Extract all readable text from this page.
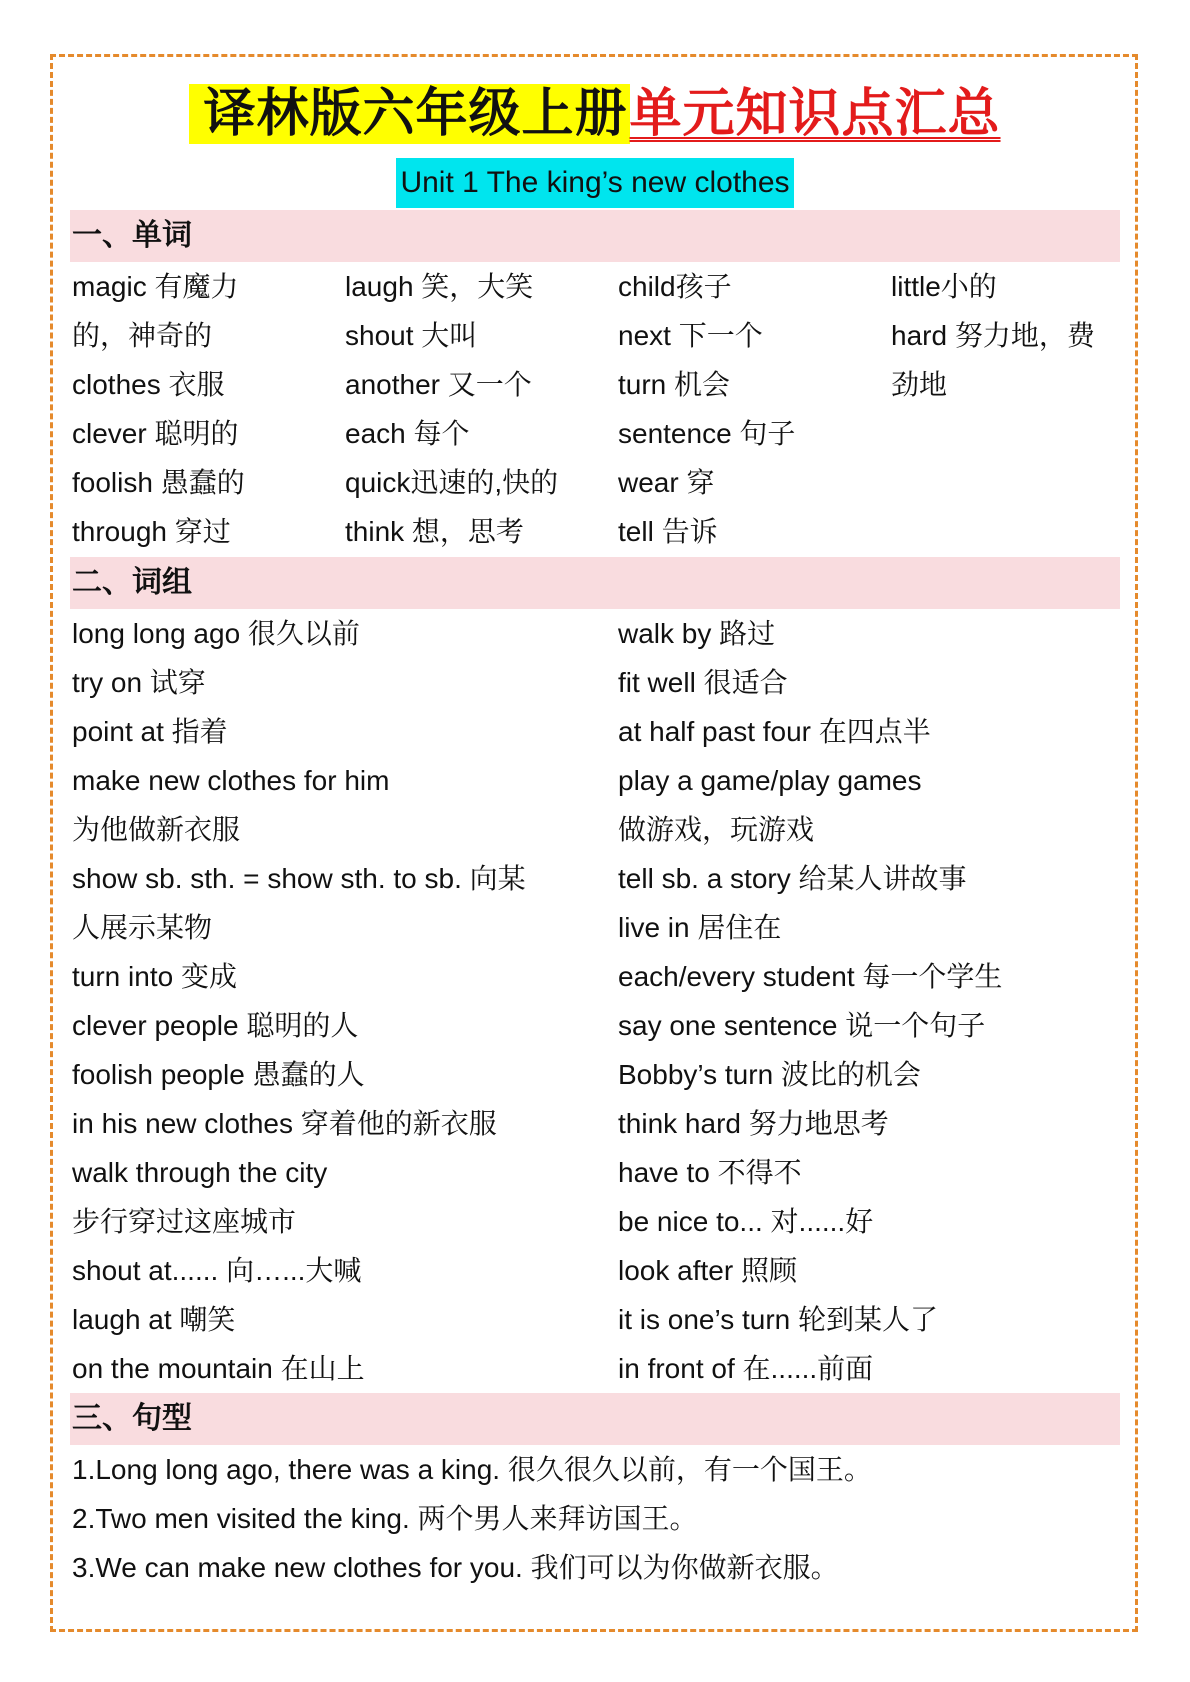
译林版六年级上册单元知识点汇总
Unit 1 The king’s new clothes
一、单词
magic 有魔力
的，神奇的
clothes 衣服
clever 聪明的
foolish 愚蠢的
through 穿过
laugh 笑，大笑
shout 大叫
another 又一个
each 每个
quick迅速的,快的
think 想，思考
child孩子
next 下一个
turn 机会
sentence 句子
wear 穿
tell 告诉
little小的
hard 努力地，费
劲地
二、词组
long long ago 很久以前
try on 试穿
point at 指着
make new clothes for him
为他做新衣服
show sb. sth. = show sth. to sb. 向某
人展示某物
turn into 变成
clever people 聪明的人
foolish people 愚蠢的人
in his new clothes 穿着他的新衣服
walk through the city
步行穿过这座城市
shout at...... 向…...大喊
laugh at 嘲笑
on the mountain 在山上
walk by 路过
fit well 很适合
at half past four 在四点半
play a game/play games
做游戏，玩游戏
tell sb. a story 给某人讲故事
live in 居住在
each/every student 每一个学生
say one sentence 说一个句子
Bobby’s turn 波比的机会
think hard 努力地思考
have to 不得不
be nice to... 对......好
look after 照顾
it is one’s turn 轮到某人了
in front of 在......前面
三、句型
1.Long long ago, there was a king. 很久很久以前，有一个国王。
2.Two men visited the king. 两个男人来拜访国王。
3.We can make new clothes for you. 我们可以为你做新衣服。
